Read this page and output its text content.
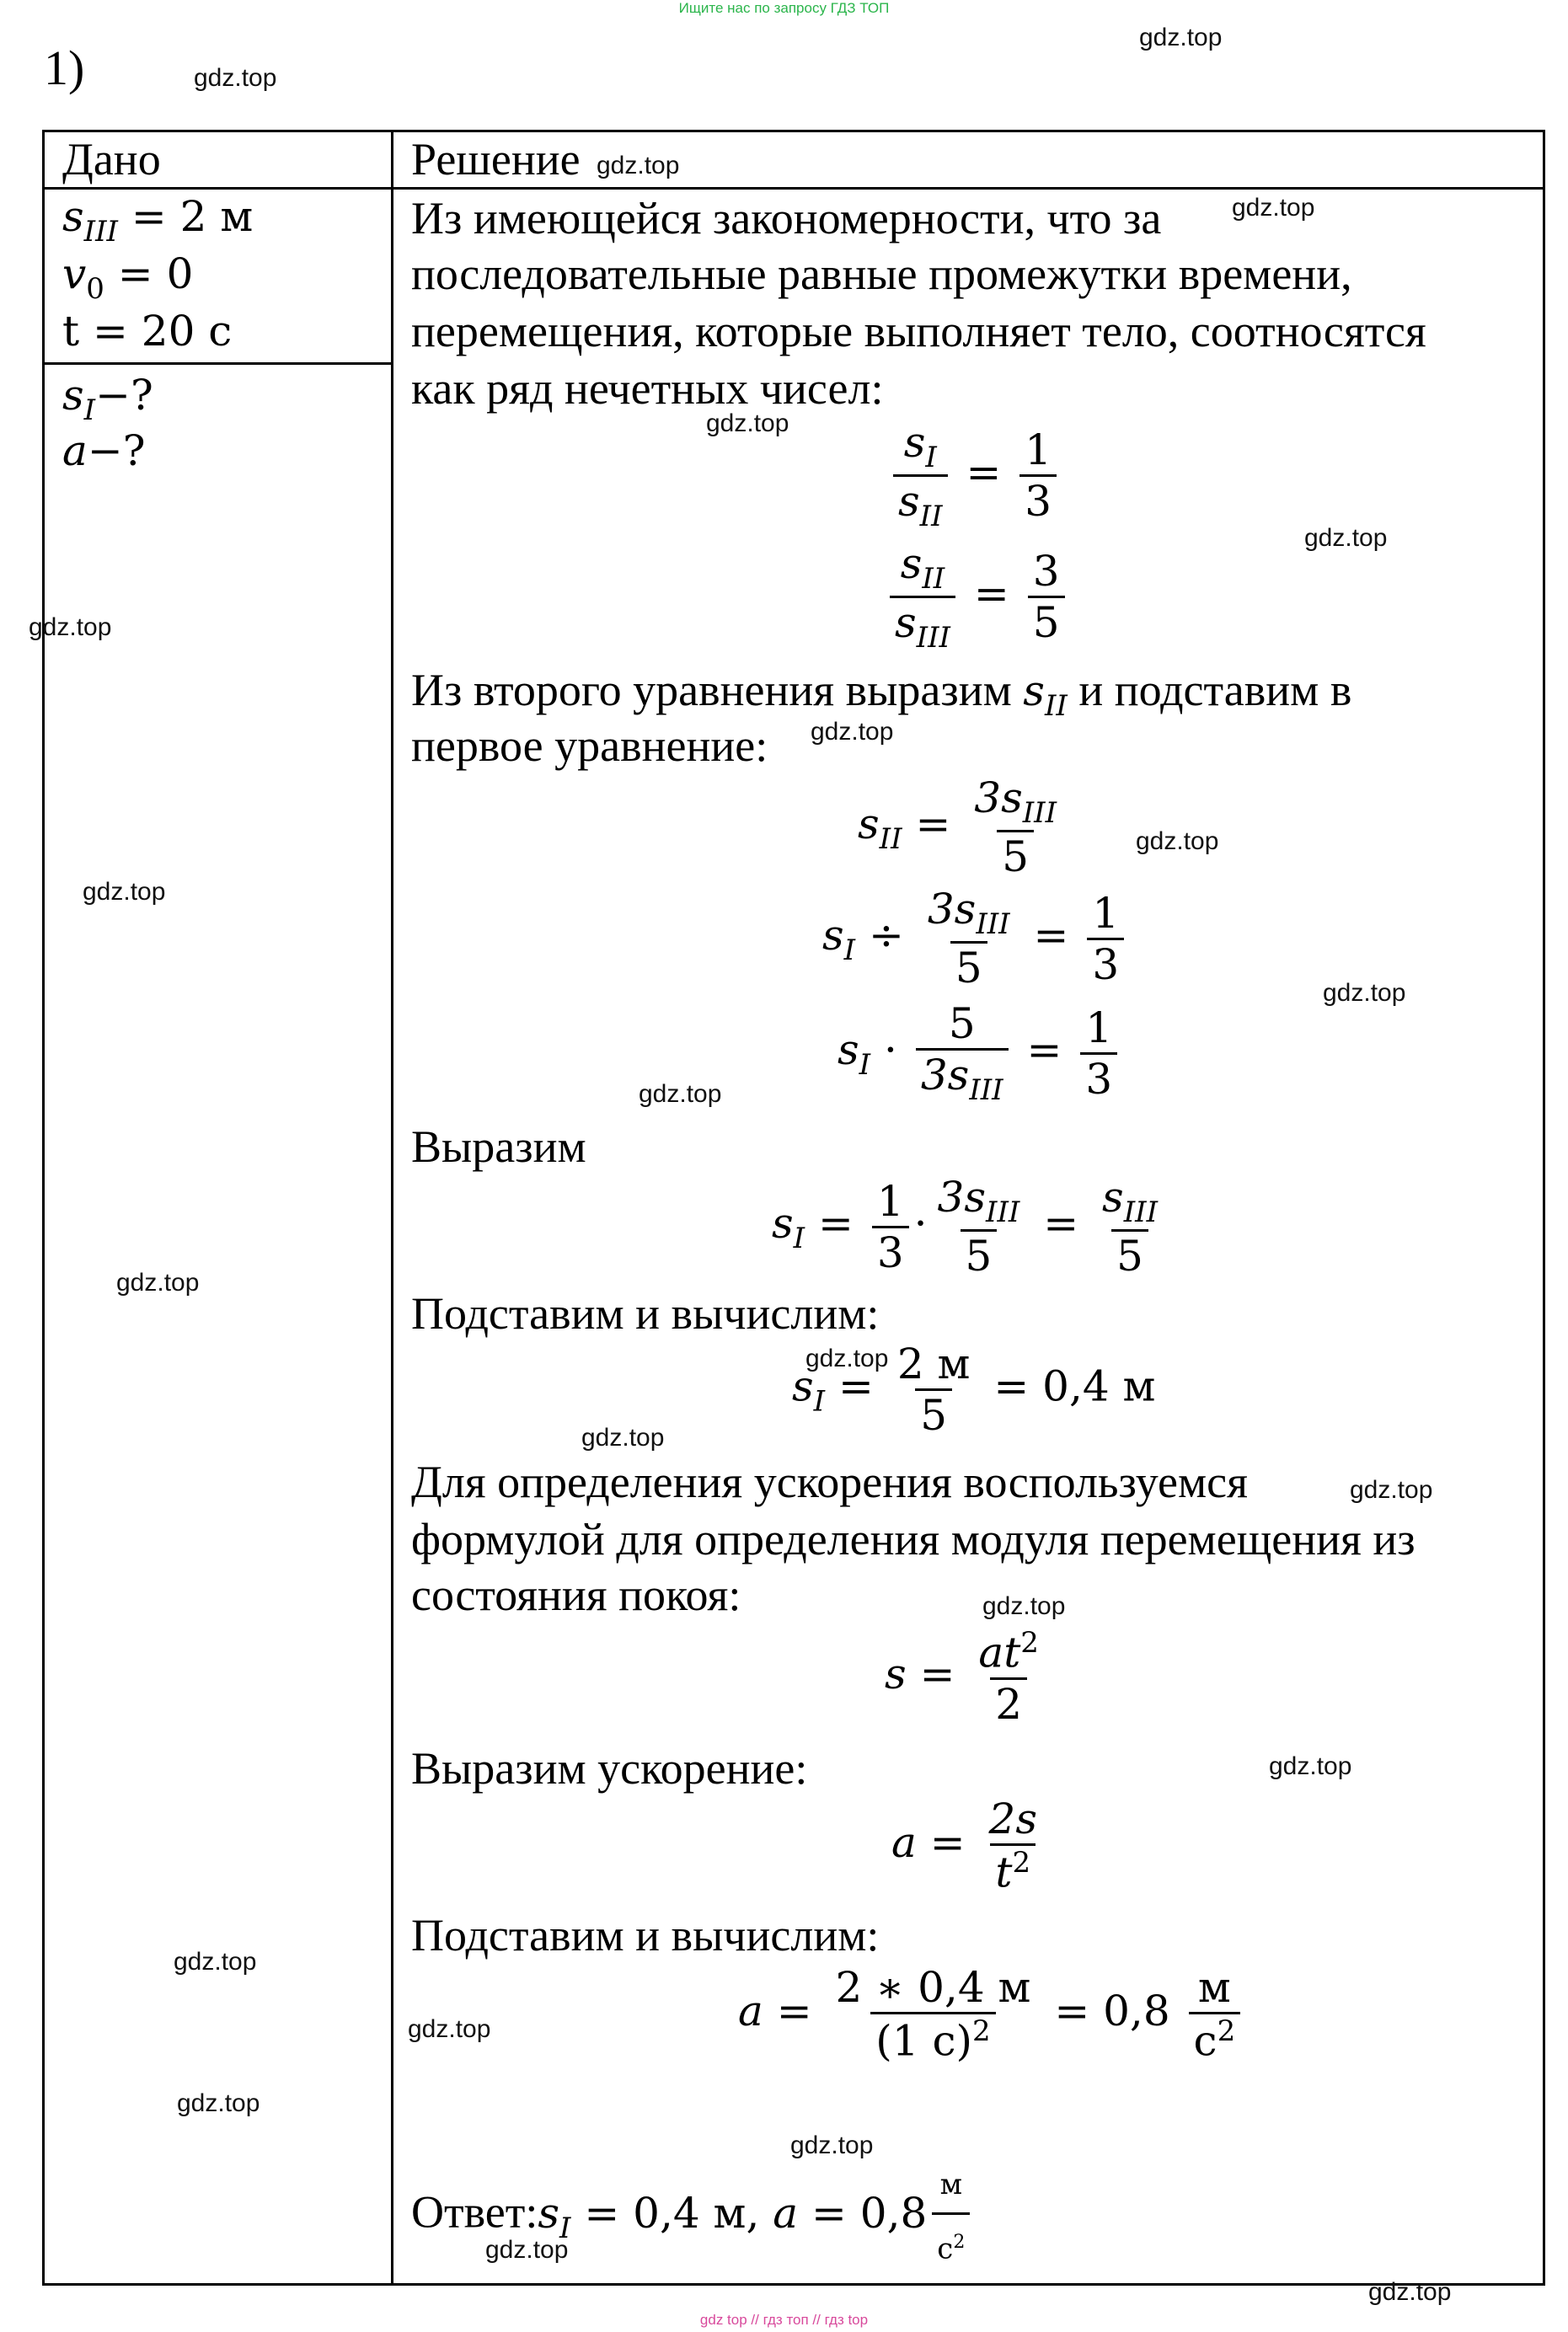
Ищите нас по запросу ГДЗ ТОП
gdz top // гдз топ // гдз top
1)
Дано	Решение
$s_{III} = 2$ м
$v_0 = 0$
t = 20 с
$s_I-$?
a−?
Из имеющейся закономерности, что за
последовательные равные промежутки времени,
перемещения, которые выполняет тело, соотносятся
как ряд нечетных чисел:
$\frac{s_I}{s_{II}} = \frac{1}{3}$
$\frac{s_{II}}{s_{III}} = \frac{3}{5}$
Из второго уравнения выразим $s_{II}$ и подставим в
первое уравнение:
$s_{II} = \frac{3s_{III}}{5}$
$s_I \div \frac{3s_{III}}{5} = \frac{1}{3}$
$s_I \cdot \frac{5}{3s_{III}} = \frac{1}{3}$
Выразим
$s_I = \frac{1}{3} \cdot \frac{3s_{III}}{5} = \frac{s_{III}}{5}$
Подставим и вычислим:
$s_I = \frac{2 м}{5} = 0,4$ м
Для определения ускорения воспользуемся
формулой для определения модуля перемещения из
состояния покоя:
$s = \frac{at^2}{2}$
Выразим ускорение:
$a = \frac{2s}{t^2}$
Подставим и вычислим:
$a = \frac{2 ∗ 0,4 м}{(1 с)^2} = 0,8 \frac{м}{с^2}$
$Ответ:s_I = 0,4$ м, $a = 0,8 \frac{м}{с^2}$
gdz.top
gdz.top
gdz.top
gdz.top
gdz.top
gdz.top
gdz.top
gdz.top
gdz.top
gdz.top
gdz.top
gdz.top
gdz.top
gdz.top
gdz.top
gdz.top
gdz.top
gdz.top
gdz.top
gdz.top
gdz.top
gdz.top
gdz.top
gdz.top
